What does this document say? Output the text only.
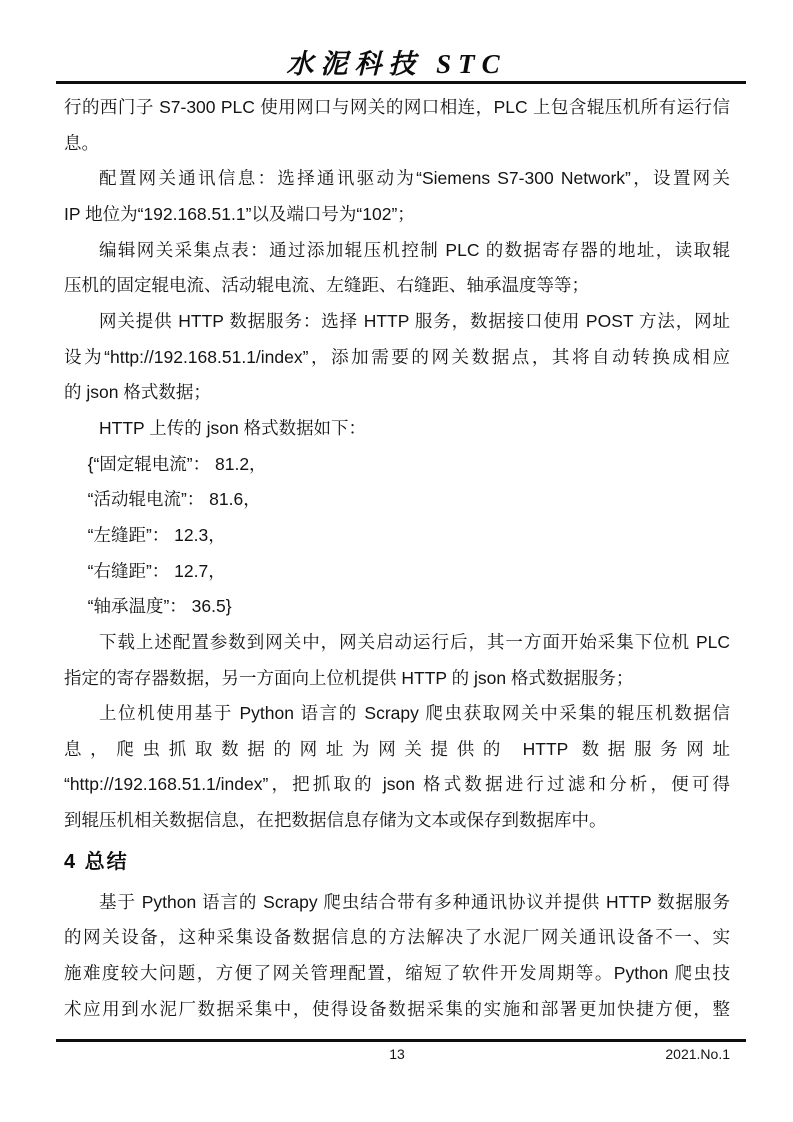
水泥科技 STC
行的西门子 S7-300 PLC 使用网口与网关的网口相连，PLC 上包含辊压机所有运行信
息。
配置网关通讯信息：选择通讯驱动为“Siemens S7-300 Network”，设置网关
IP 地位为“192.168.51.1”以及端口号为“102”；
编辑网关采集点表：通过添加辊压机控制 PLC 的数据寄存器的地址，读取辊
压机的固定辊电流、活动辊电流、左缝距、右缝距、轴承温度等等；
网关提供 HTTP 数据服务：选择 HTTP 服务，数据接口使用 POST 方法，网址
设为“http://192.168.51.1/index”，添加需要的网关数据点，其将自动转换成相应
的 json 格式数据；
HTTP 上传的 json 格式数据如下：
{“固定辊电流”： 81.2，
“活动辊电流”： 81.6，
“左缝距”： 12.3，
“右缝距”： 12.7，
“轴承温度”： 36.5}
下载上述配置参数到网关中，网关启动运行后，其一方面开始采集下位机 PLC
指定的寄存器数据，另一方面向上位机提供 HTTP 的 json 格式数据服务；
上位机使用基于 Python 语言的 Scrapy 爬虫获取网关中采集的辊压机数据信
息，爬虫抓取数据的网址为网关提供的 HTTP 数据服务网址
“http://192.168.51.1/index”，把抓取的 json 格式数据进行过滤和分析，便可得
到辊压机相关数据信息，在把数据信息存储为文本或保存到数据库中。
4 总结
基于 Python 语言的 Scrapy 爬虫结合带有多种通讯协议并提供 HTTP 数据服务
的网关设备，这种采集设备数据信息的方法解决了水泥厂网关通讯设备不一、实
施难度较大问题，方便了网关管理配置，缩短了软件开发周期等。Python 爬虫技
术应用到水泥厂数据采集中，使得设备数据采集的实施和部署更加快捷方便，整
13	2021.No.1
